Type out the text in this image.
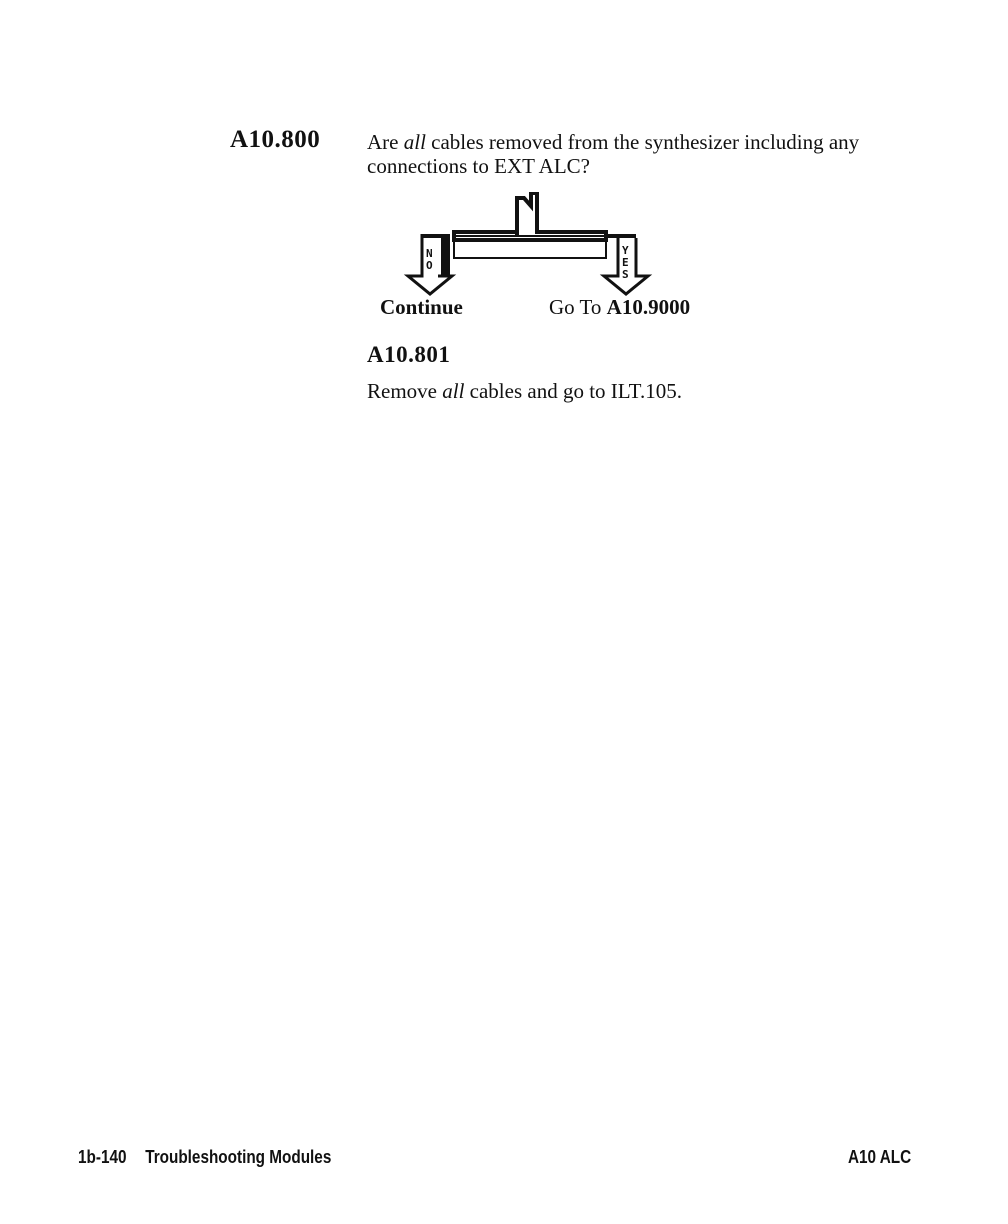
A10.800 Are all cables removed from the synthesizer including any connections to EXT ALC?
N
O
Y
E
S
Continue	Go To A10.9000
A10.801
Remove all cables and go to ILT.105.
1b-140 Troubleshooting Modules	A10 ALC
